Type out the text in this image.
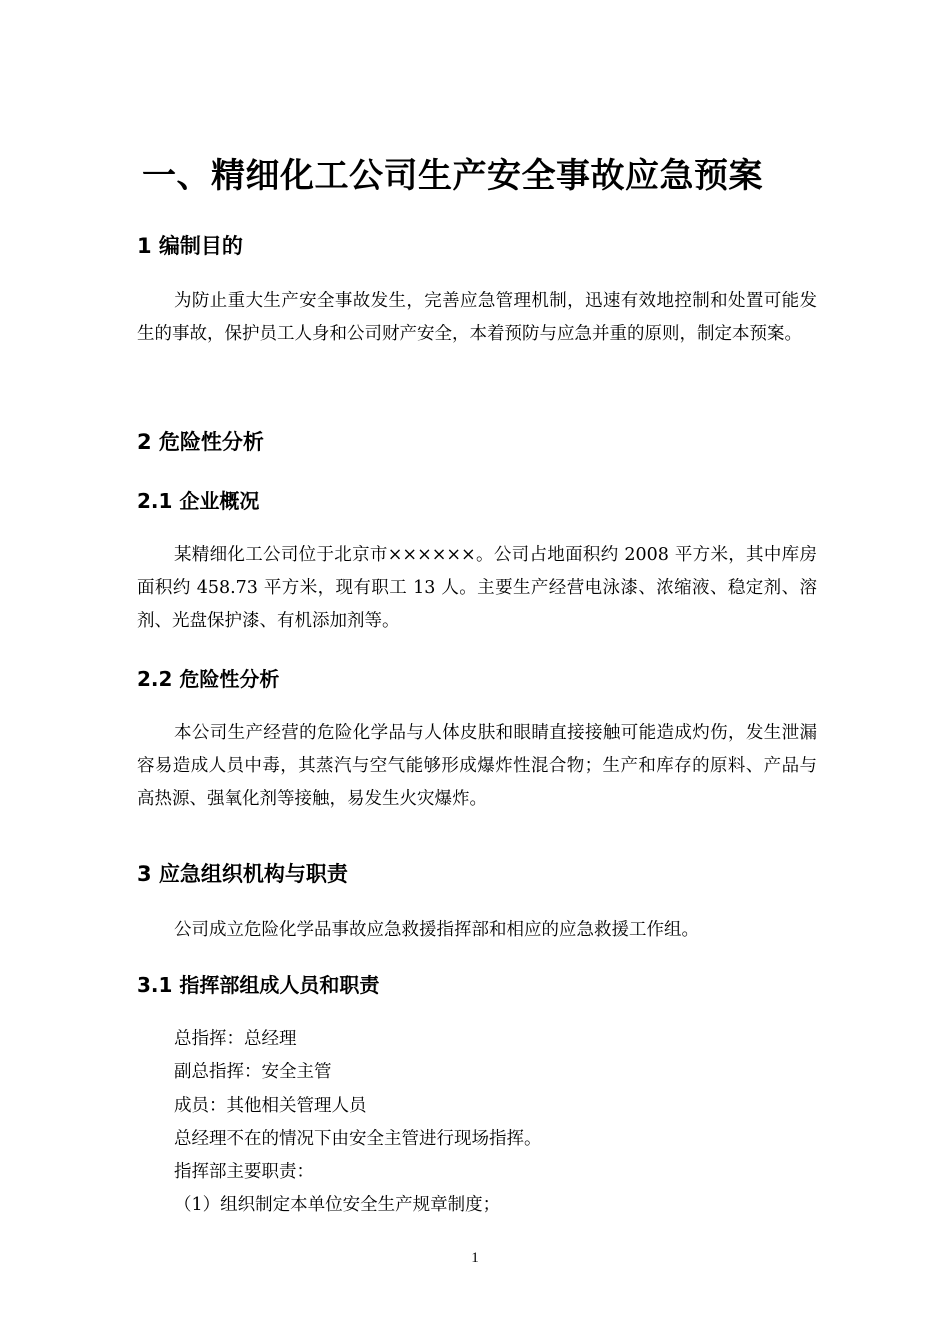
一、精细化工公司生产安全事故应急预案
1 编制目的

为防止重大生产安全事故发生，完善应急管理机制，迅速有效地控制和处置可能发生的事故，保护员工人身和公司财产安全，本着预防与应急并重的原则，制定本预案。

2 危险性分析
2.1 企业概况

某精细化工公司位于北京市××××××。公司占地面积约 2008 平方米，其中库房面积约 458.73 平方米，现有职工 13 人。主要生产经营电泳漆、浓缩液、稳定剂、溶剂、光盘保护漆、有机添加剂等。

2.2 危险性分析

本公司生产经营的危险化学品与人体皮肤和眼睛直接接触可能造成灼伤，发生泄漏容易造成人员中毒，其蒸汽与空气能够形成爆炸性混合物；生产和库存的原料、产品与高热源、强氧化剂等接触，易发生火灾爆炸。

3 应急组织机构与职责

公司成立危险化学品事故应急救援指挥部和相应的应急救援工作组。

3.1 指挥部组成人员和职责

总指挥：总经理

副总指挥：安全主管

成员：其他相关管理人员

总经理不在的情况下由安全主管进行现场指挥。

指挥部主要职责：

（1）组织制定本单位安全生产规章制度；

1
